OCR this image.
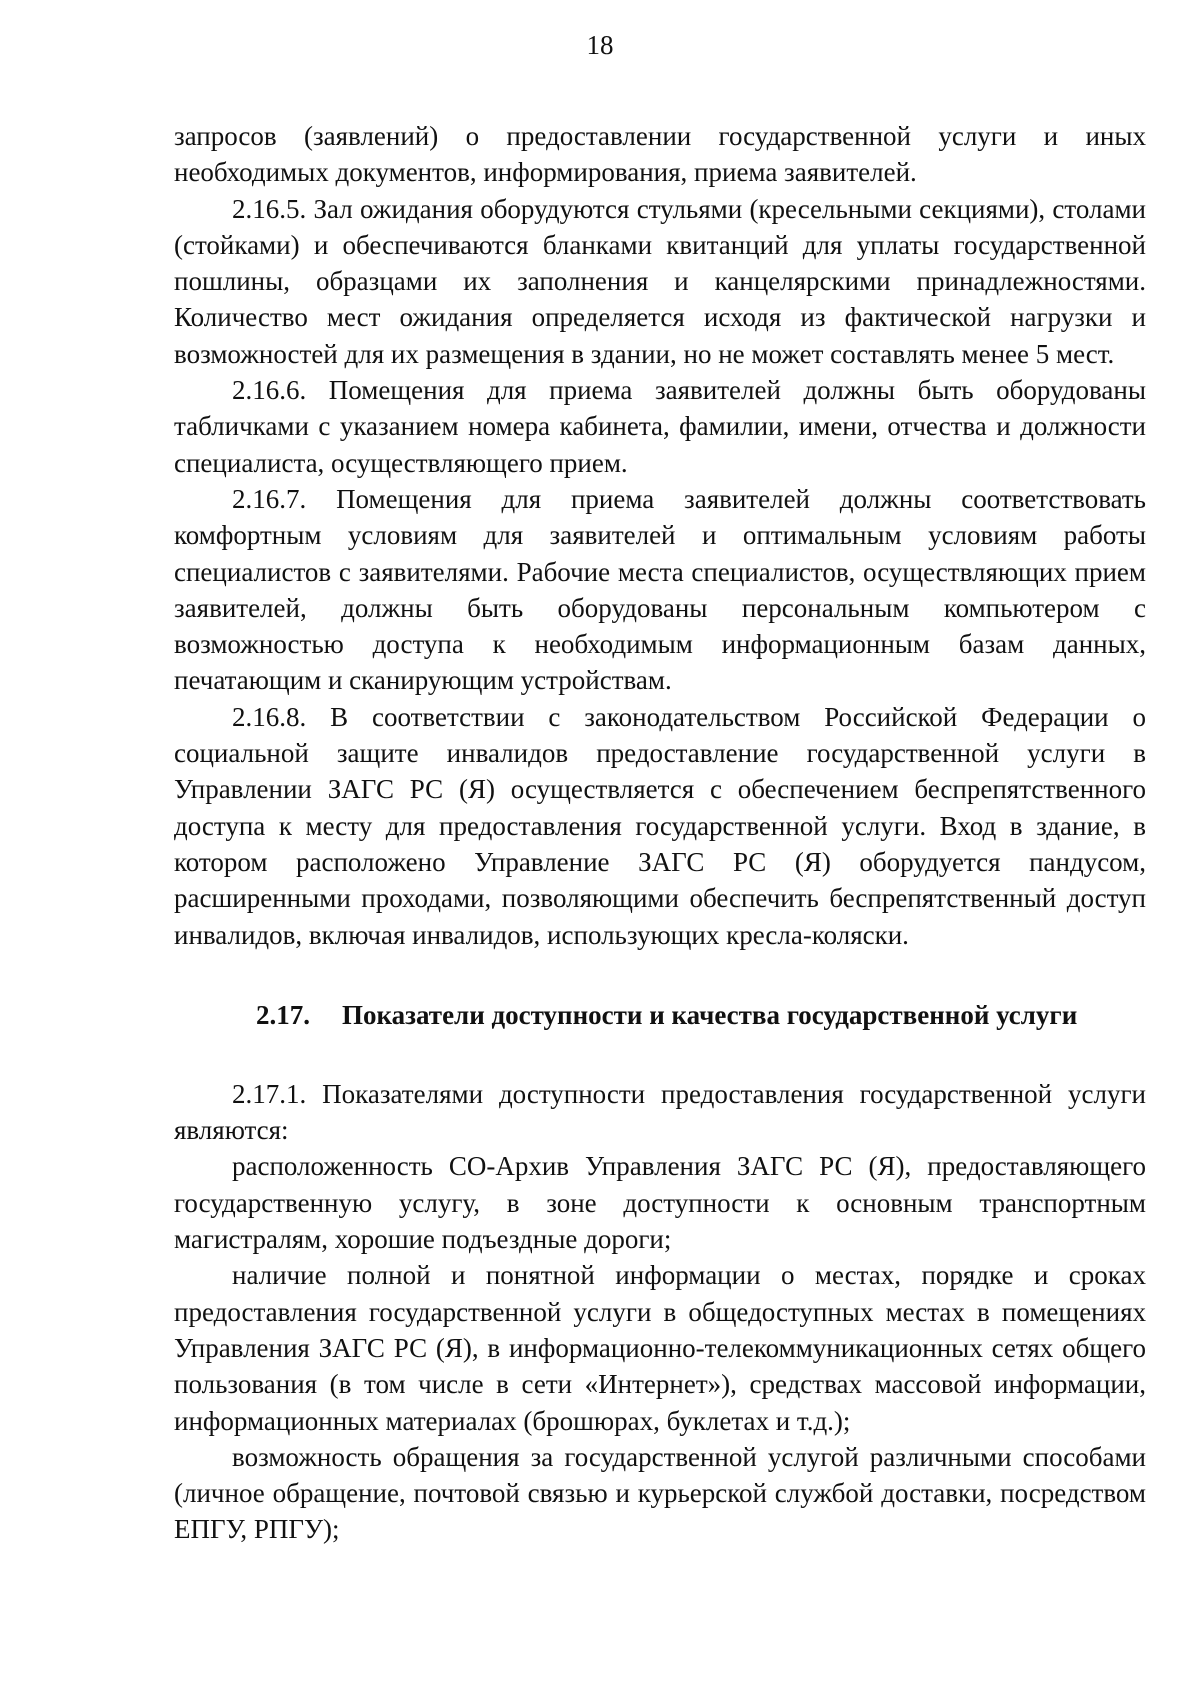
18

запросов (заявлений) о предоставлении государственной услуги и иных необходимых документов, информирования, приема заявителей.

2.16.5. Зал ожидания оборудуются стульями (кресельными секциями), столами (стойками) и обеспечиваются бланками квитанций для уплаты государственной пошлины, образцами их заполнения и канцелярскими принадлежностями. Количество мест ожидания определяется исходя из фактической нагрузки и возможностей для их размещения в здании, но не может составлять менее 5 мест.

2.16.6. Помещения для приема заявителей должны быть оборудованы табличками с указанием номера кабинета, фамилии, имени, отчества и должности специалиста, осуществляющего прием.

2.16.7. Помещения для приема заявителей должны соответствовать комфортным условиям для заявителей и оптимальным условиям работы специалистов с заявителями. Рабочие места специалистов, осуществляющих прием заявителей, должны быть оборудованы персональным компьютером с возможностью доступа к необходимым информационным базам данных, печатающим и сканирующим устройствам.

2.16.8. В соответствии с законодательством Российской Федерации о социальной защите инвалидов предоставление государственной услуги в Управлении ЗАГС РС (Я) осуществляется с обеспечением беспрепятственного доступа к месту для предоставления государственной услуги. Вход в здание, в котором расположено Управление ЗАГС РС (Я) оборудуется пандусом, расширенными проходами, позволяющими обеспечить беспрепятственный доступ инвалидов, включая инвалидов, использующих кресла-коляски.

2.17. Показатели доступности и качества государственной услуги

2.17.1. Показателями доступности предоставления государственной услуги являются:

расположенность СО-Архив Управления ЗАГС РС (Я), предоставляющего государственную услугу, в зоне доступности к основным транспортным магистралям, хорошие подъездные дороги;

наличие полной и понятной информации о местах, порядке и сроках предоставления государственной услуги в общедоступных местах в помещениях Управления ЗАГС РС (Я), в информационно-телекоммуникационных сетях общего пользования (в том числе в сети «Интернет»), средствах массовой информации, информационных материалах (брошюрах, буклетах и т.д.);

возможность обращения за государственной услугой различными способами (личное обращение, почтовой связью и курьерской службой доставки, посредством ЕПГУ, РПГУ);
